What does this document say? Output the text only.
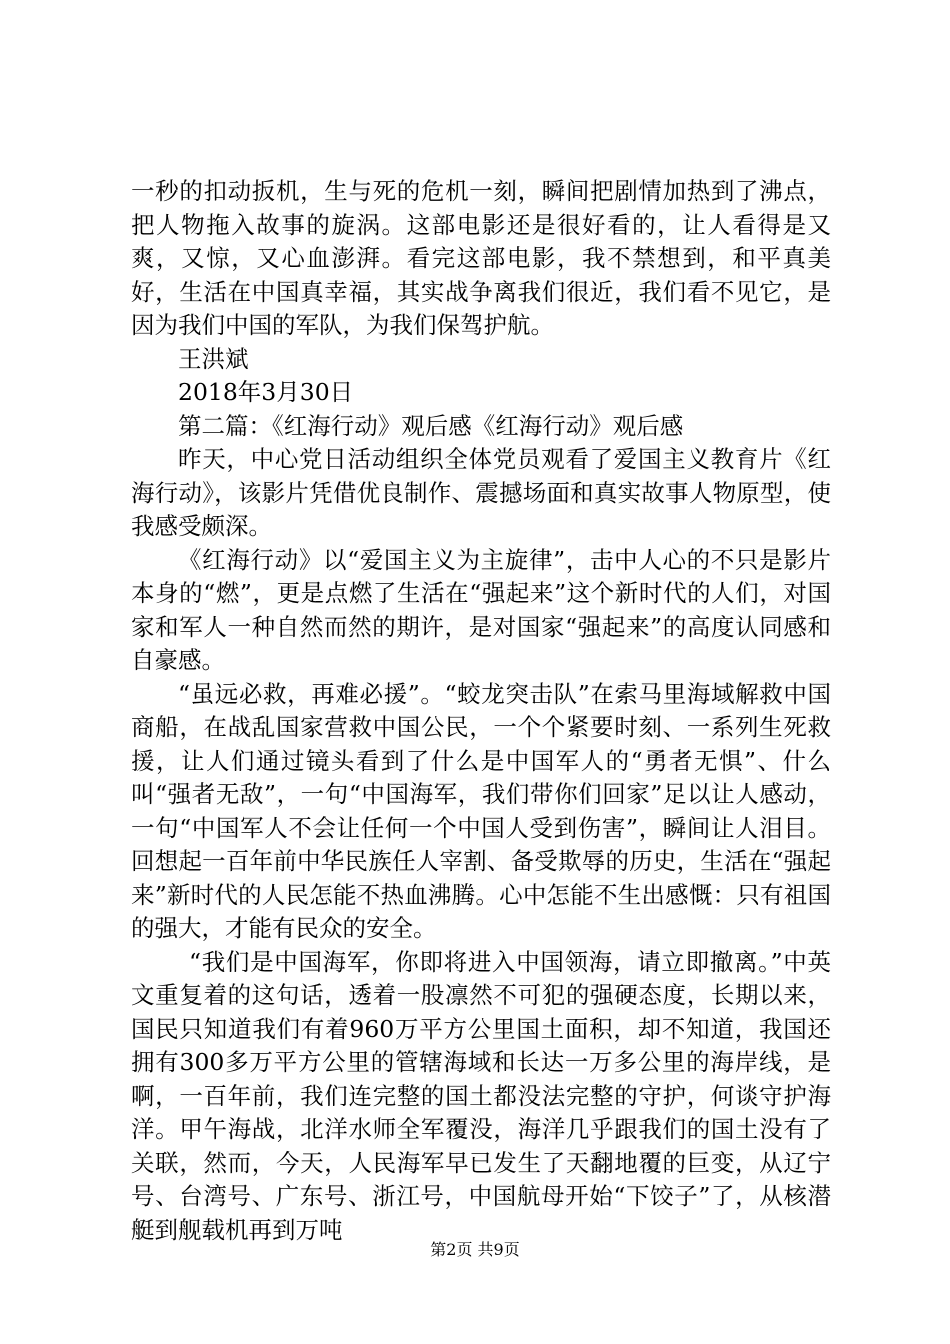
一秒的扣动扳机，生与死的危机一刻，瞬间把剧情加热到了沸点，把人物拖入故事的旋涡。这部电影还是很好看的，让人看得是又爽，又惊，又心血澎湃。看完这部电影，我不禁想到，和平真美好，生活在中国真幸福，其实战争离我们很近，我们看不见它，是因为我们中国的军队，为我们保驾护航。

王洪斌

2018年3月30日

第二篇：《红海行动》观后感《红海行动》观后感

昨天，中心党日活动组织全体党员观看了爱国主义教育片《红海行动》，该影片凭借优良制作、震撼场面和真实故事人物原型，使我感受颇深。

《红海行动》以“爱国主义为主旋律”，击中人心的不只是影片本身的“燃”，更是点燃了生活在“强起来”这个新时代的人们，对国家和军人一种自然而然的期许，是对国家“强起来”的高度认同感和自豪感。

“虽远必救，再难必援”。“蛟龙突击队”在索马里海域解救中国商船，在战乱国家营救中国公民，一个个紧要时刻、一系列生死救援，让人们通过镜头看到了什么是中国军人的“勇者无惧”、什么叫“强者无敌”，一句“中国海军，我们带你们回家”足以让人感动，一句“中国军人不会让任何一个中国人受到伤害”，瞬间让人泪目。回想起一百年前中华民族任人宰割、备受欺辱的历史，生活在“强起来”新时代的人民怎能不热血沸腾。心中怎能不生出感慨：只有祖国的强大，才能有民众的安全。

“我们是中国海军，你即将进入中国领海，请立即撤离。”中英文重复着的这句话，透着一股凛然不可犯的强硬态度，长期以来，国民只知道我们有着960万平方公里国土面积，却不知道，我国还拥有300多万平方公里的管辖海域和长达一万多公里的海岸线，是啊，一百年前，我们连完整的国土都没法完整的守护，何谈守护海洋。甲午海战，北洋水师全军覆没，海洋几乎跟我们的国土没有了关联，然而，今天，人民海军早已发生了天翻地覆的巨变，从辽宁号、台湾号、广东号、浙江号，中国航母开始“下饺子”了，从核潜艇到舰载机再到万吨

第2页 共9页
